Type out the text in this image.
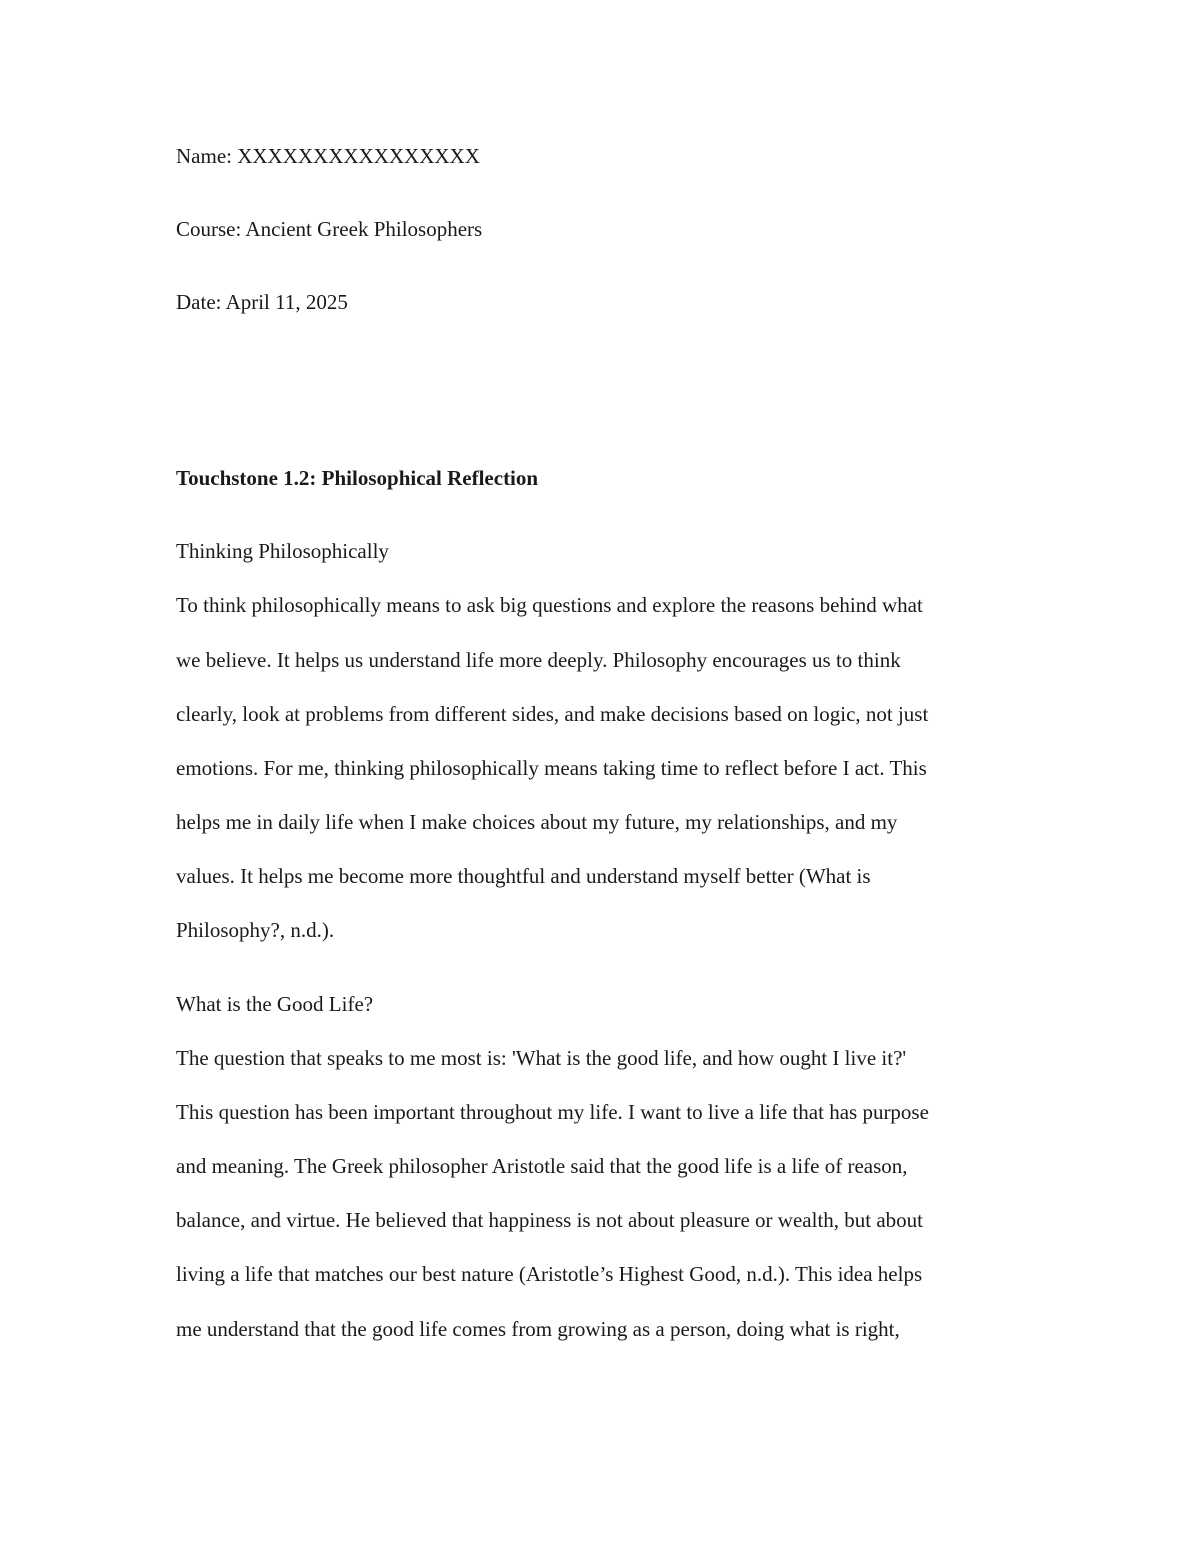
Name: XXXXXXXXXXXXXXXX
Course: Ancient Greek Philosophers
Date: April 11, 2025
Touchstone 1.2: Philosophical Reflection
Thinking Philosophically
To think philosophically means to ask big questions and explore the reasons behind what
we believe. It helps us understand life more deeply. Philosophy encourages us to think
clearly, look at problems from different sides, and make decisions based on logic, not just
emotions. For me, thinking philosophically means taking time to reflect before I act. This
helps me in daily life when I make choices about my future, my relationships, and my
values. It helps me become more thoughtful and understand myself better (What is
Philosophy?, n.d.).
What is the Good Life?
The question that speaks to me most is: 'What is the good life, and how ought I live it?'
This question has been important throughout my life. I want to live a life that has purpose
and meaning. The Greek philosopher Aristotle said that the good life is a life of reason,
balance, and virtue. He believed that happiness is not about pleasure or wealth, but about
living a life that matches our best nature (Aristotle’s Highest Good, n.d.). This idea helps
me understand that the good life comes from growing as a person, doing what is right,
